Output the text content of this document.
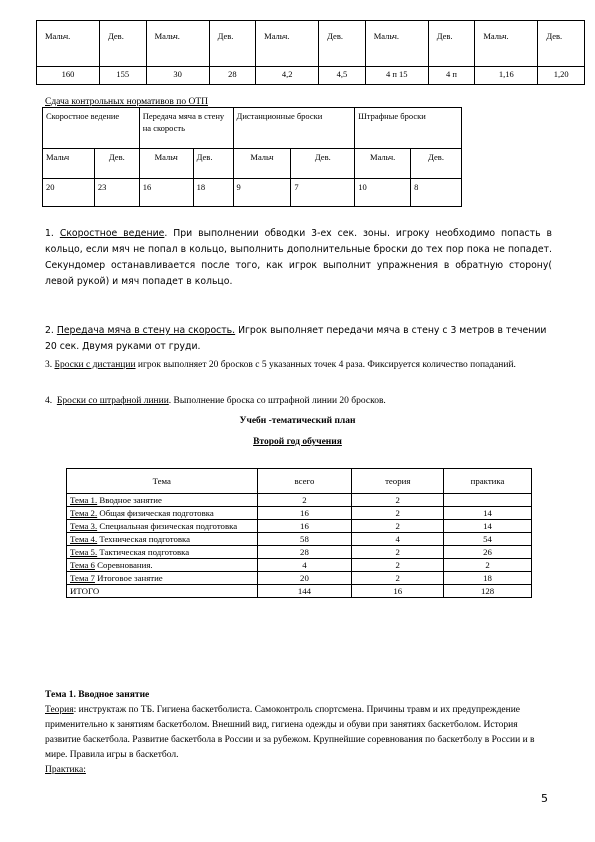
Мальч.	Дев.	Мальч.	Дев.	Мальч.	Дев.	Мальч.	Дев.	Мальч.	Дев.
160	155	30	28	4,2	4,5	4 п 15	4 п	1,16	1,20
Сдача контрольных нормативов по ОТП
Скоростное ведение		Передача мяча в стену на скорость		Дистанционные броски		Штрафные броски	
Мальч	Дев.	Мальч	Дев.	Мальч	Дев.	Мальч.	Дев.
20	23	16	18	9	7	10	8
1. Скоростное ведение. При выполнении обводки 3-ех сек. зоны. игроку необходимо попасть в кольцо, если мяч не попал в кольцо, выполнить дополнительные броски до тех пор пока не попадет. Секундомер останавливается после того, как игрок выполнит упражнения в обратную сторону( левой рукой) и мяч попадет в кольцо.
2. Передача мяча в стену на скорость. Игрок выполняет передачи мяча в стену с 3 метров в течении 20 сек. Двумя руками от груди.
3. Броски с дистанции игрок выполняет 20 бросков с 5 указанных точек 4 раза. Фиксируется количество попаданий.
4. Броски со штрафной линии. Выполнение броска со штрафной линии 20 бросков.
Учебн -тематический план
Второй год обучения
Тема	всего	теория	практика
Тема 1. Вводное занятие	2	2	
Тема 2. Общая физическая подготовка	16	2	14
Тема 3. Специальная физическая подготовка	16	2	14
Тема 4. Техническая подготовка	58	4	54
Тема 5. Тактическая подготовка	28	2	26
Тема 6 Соревнования.	4	2	2
Тема 7 Итоговое занятие	20	2	18
ИТОГО	144	16	128
Тема 1. Вводное занятие
Теория: инструктаж по ТБ. Гигиена баскетболиста. Самоконтроль спортсмена. Причины травм и их предупреждение применительно к занятиям баскетболом. Внешний вид, гигиена одежды и обуви при занятиях баскетболом. История развитие баскетбола. Развитие баскетбола в России и за рубежом. Крупнейшие соревнования по баскетболу в России и в мире. Правила игры в баскетбол.
Практика:
5
